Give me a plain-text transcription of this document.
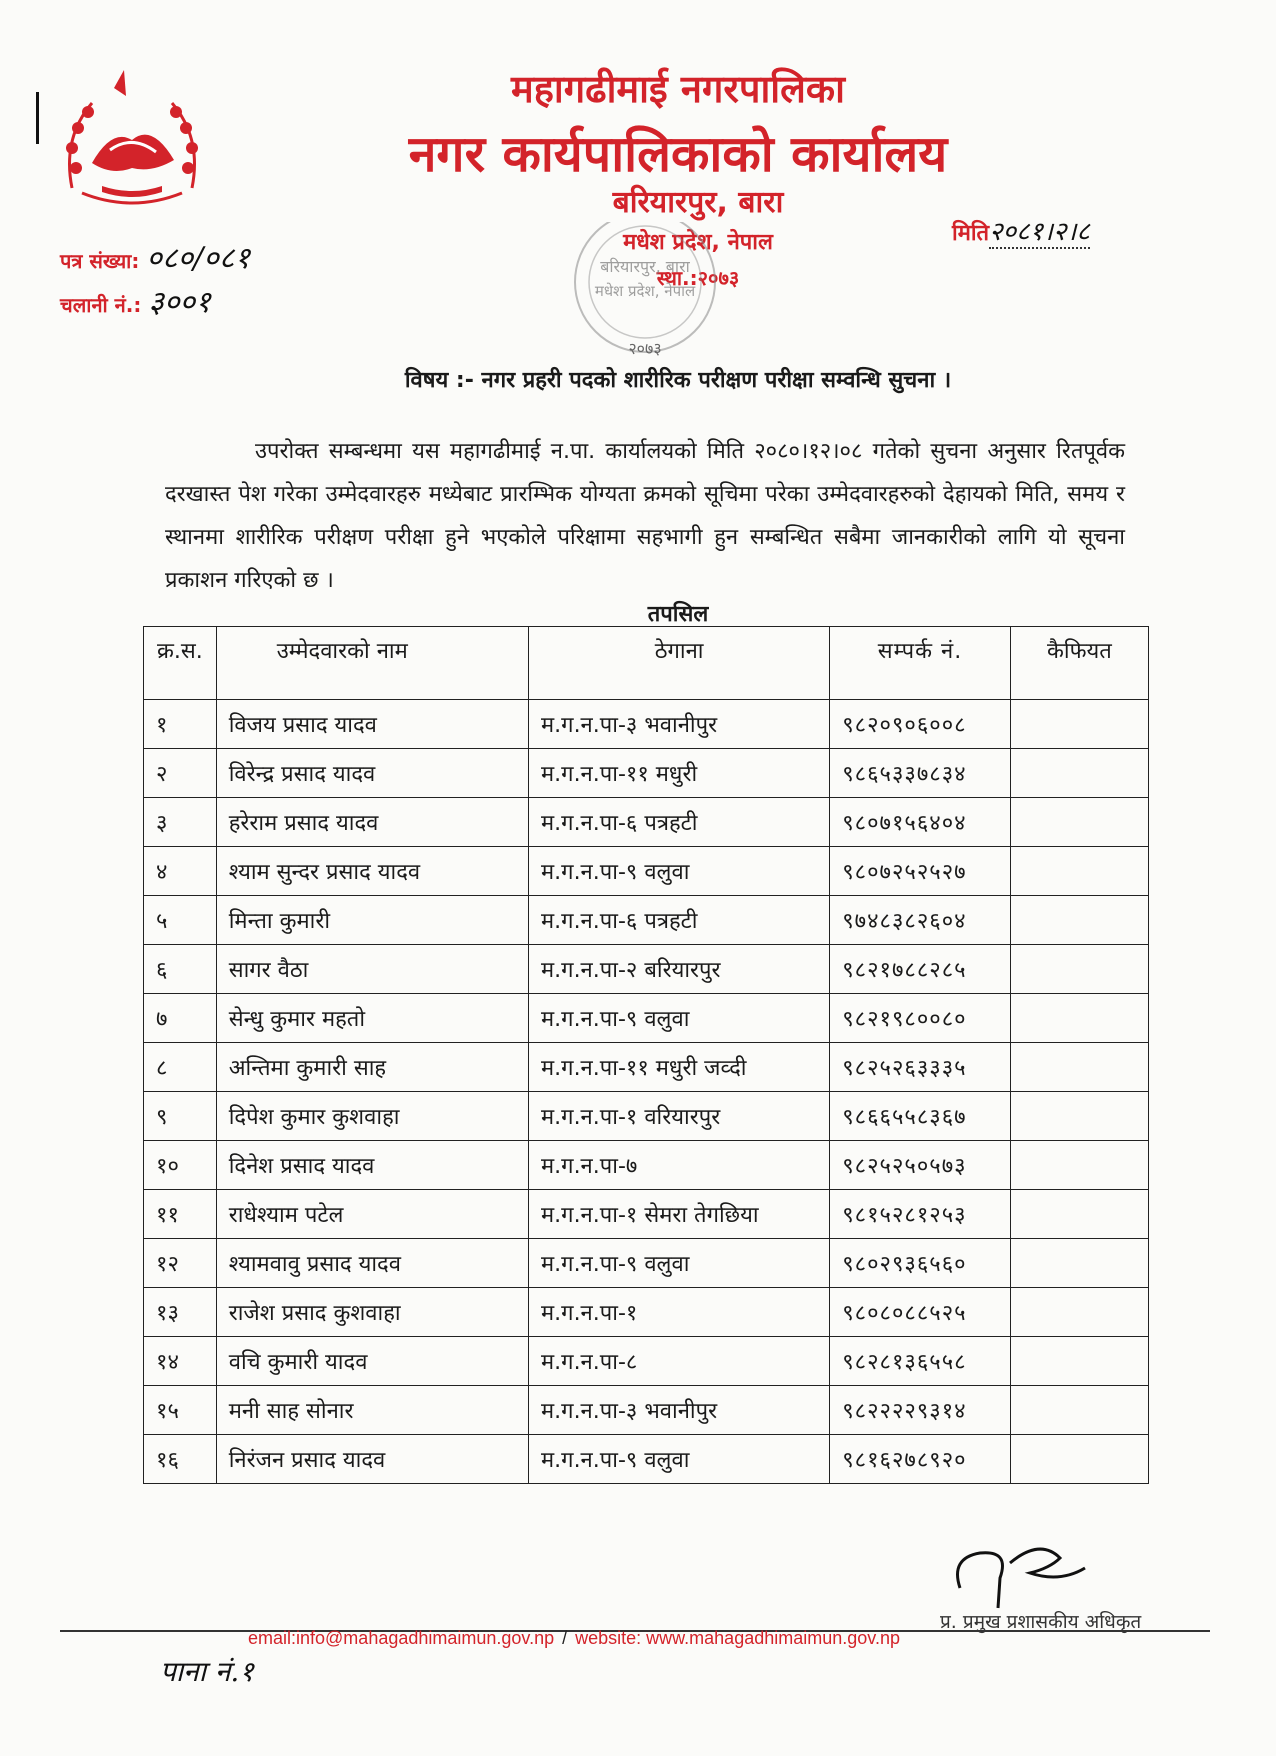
महागढीमाई नगरपालिका
नगर कार्यपालिकाको कार्यालय
बरियारपुर, बारा
मधेश प्रदेश, नेपाल
स्था.:२०७३
पत्र संख्या: ०८०/०८१
चलानी नं.: ३००१
मिति२०८१।२।८
बरियारपुर, बारा
मधेश प्रदेश, नेपाल
२०७३
विषय :- नगर प्रहरी पदको शारीरिक परीक्षण परीक्षा सम्वन्धि सुचना ।
उपरोक्त सम्बन्धमा यस महागढीमाई न.पा. कार्यालयको मिति २०८०।१२।०८ गतेको सुचना अनुसार रितपूर्वक दरखास्त पेश गरेका उम्मेदवारहरु मध्येबाट प्रारम्भिक योग्यता क्रमको सूचिमा परेका उम्मेदवारहरुको देहायको मिति, समय र स्थानमा शारीरिक परीक्षण परीक्षा हुने भएकोले परिक्षामा सहभागी हुन सम्बन्धित सबैमा जानकारीको लागि यो सूचना प्रकाशन गरिएको छ ।
तपसिल
क्र.स.	उम्मेदवारको नाम	ठेगाना	सम्पर्क नं.	कैफियत
१	विजय प्रसाद यादव	म.ग.न.पा-३ भवानीपुर	९८२०९०६००८	
२	विरेन्द्र प्रसाद यादव	म.ग.न.पा-११ मधुरी	९८६५३३७८३४	
३	हरेराम प्रसाद यादव	म.ग.न.पा-६ पत्रहटी	९८०७१५६४०४	
४	श्याम सुन्दर प्रसाद यादव	म.ग.न.पा-९ वलुवा	९८०७२५२५२७	
५	मिन्ता कुमारी	म.ग.न.पा-६ पत्रहटी	९७४८३८२६०४	
६	सागर वैठा	म.ग.न.पा-२ बरियारपुर	९८२१७८८२८५	
७	सेन्धु कुमार महतो	म.ग.न.पा-९ वलुवा	९८२१९८००८०	
८	अन्तिमा कुमारी साह	म.ग.न.पा-११ मधुरी जव्दी	९८२५२६३३३५	
९	दिपेश कुमार कुशवाहा	म.ग.न.पा-१ वरियारपुर	९८६६५५८३६७	
१०	दिनेश प्रसाद यादव	म.ग.न.पा-७	९८२५२५०५७३	
११	राधेश्याम पटेल	म.ग.न.पा-१ सेमरा तेगछिया	९८१५२८१२५३	
१२	श्यामवावु प्रसाद यादव	म.ग.न.पा-९ वलुवा	९८०२९३६५६०	
१३	राजेश प्रसाद कुशवाहा	म.ग.न.पा-१	९८०८०८८५२५	
१४	वचि कुमारी यादव	म.ग.न.पा-८	९८२८१३६५५८	
१५	मनी साह सोनार	म.ग.न.पा-३ भवानीपुर	९८२२२२९३१४	
१६	निरंजन प्रसाद यादव	म.ग.न.पा-९ वलुवा	९८१६२७८९२०	
प्र. प्रमुख प्रशासकीय अधिकृत
email:info@mahagadhimaimun.gov.np / website: www.mahagadhimaimun.gov.np
पाना नं.१
